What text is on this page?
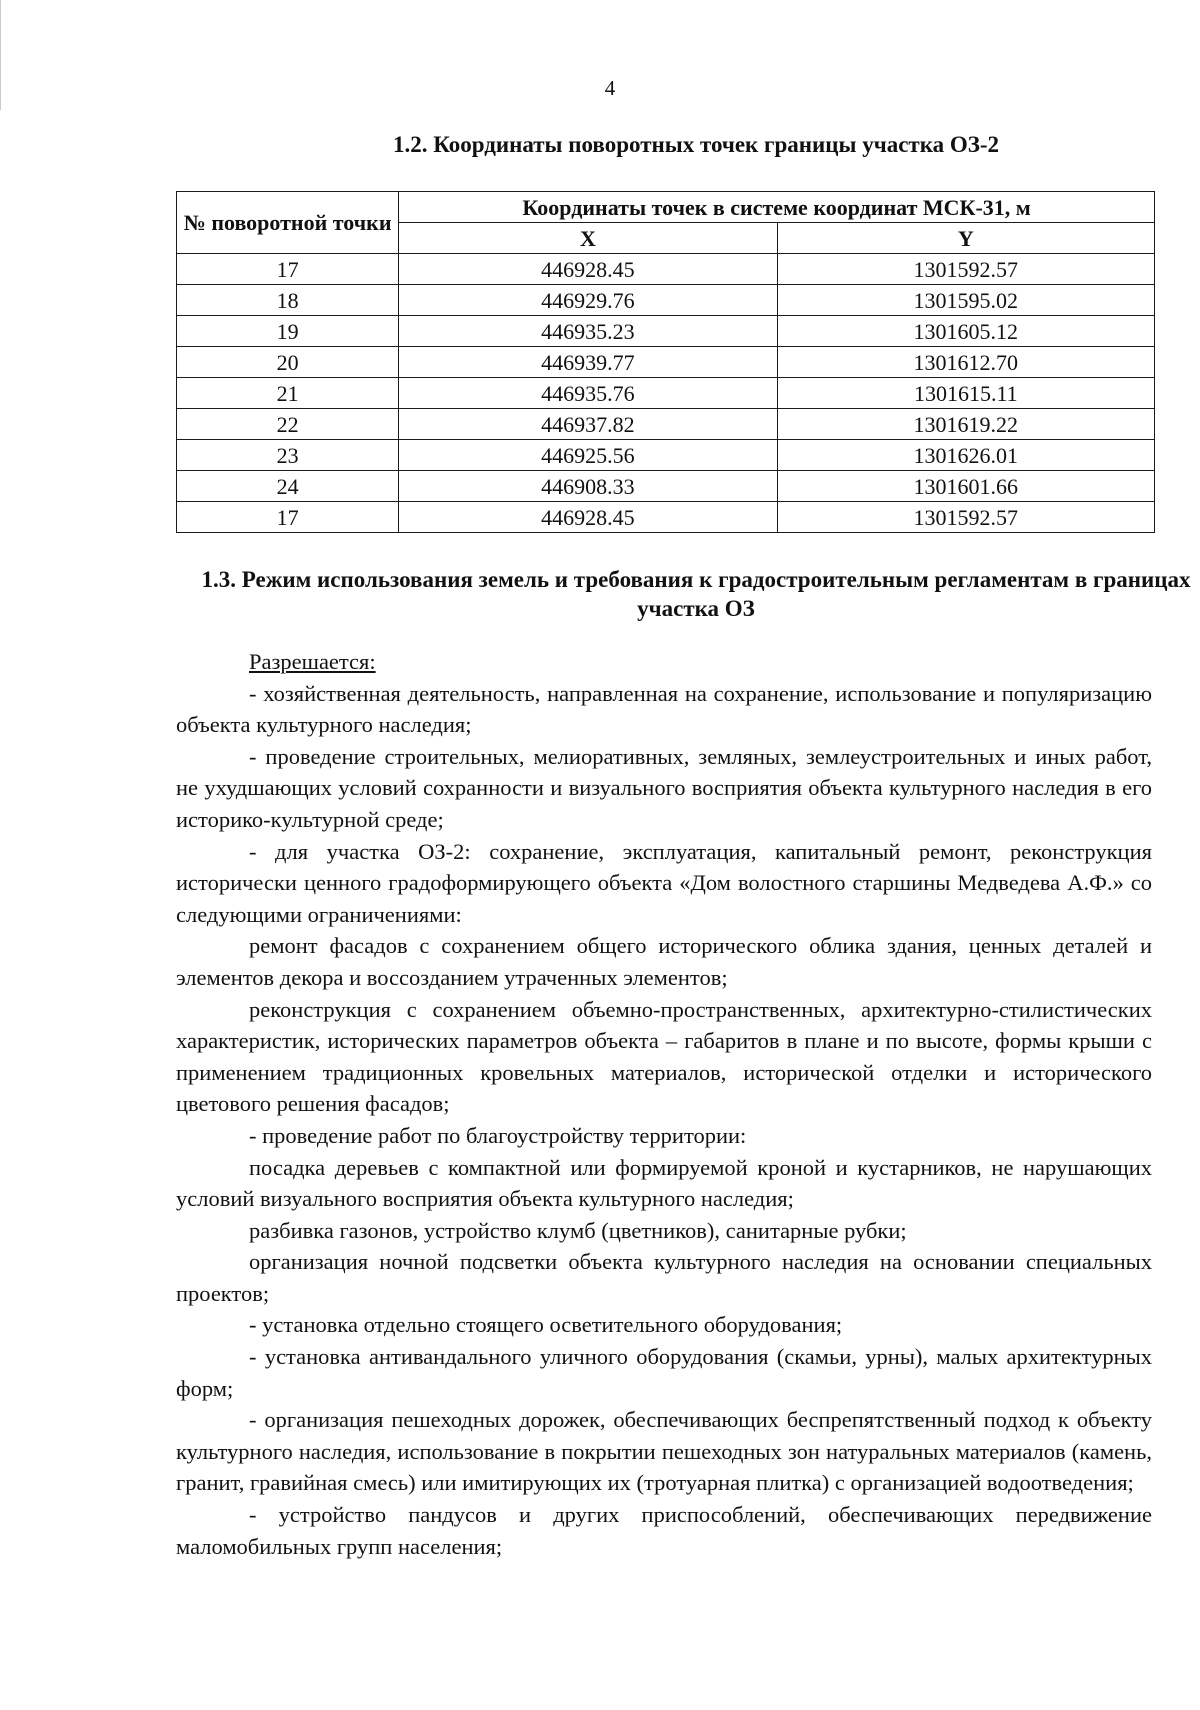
4
1.2. Координаты поворотных точек границы участка ОЗ-2
№ поворотной точки	Координаты точек в системе координат МСК-31, м	
	X	Y
17	446928.45	1301592.57
18	446929.76	1301595.02
19	446935.23	1301605.12
20	446939.77	1301612.70
21	446935.76	1301615.11
22	446937.82	1301619.22
23	446925.56	1301626.01
24	446908.33	1301601.66
17	446928.45	1301592.57
1.3. Режим использования земель и требования к градостроительным регламентам в границах участка ОЗ

Разрешается:

- хозяйственная деятельность, направленная на сохранение, использование и популяризацию объекта культурного наследия;

- проведение строительных, мелиоративных, земляных, землеустроительных и иных работ, не ухудшающих условий сохранности и визуального восприятия объекта культурного наследия в его историко-культурной среде;

- для участка ОЗ-2: сохранение, эксплуатация, капитальный ремонт, реконструкция исторически ценного градоформирующего объекта «Дом волостного старшины Медведева А.Ф.» со следующими ограничениями:

ремонт фасадов с сохранением общего исторического облика здания, ценных деталей и элементов декора и воссозданием утраченных элементов;

реконструкция с сохранением объемно-пространственных, архитектурно-стилистических характеристик, исторических параметров объекта – габаритов в плане и по высоте, формы крыши с применением традиционных кровельных материалов, исторической отделки и исторического цветового решения фасадов;

- проведение работ по благоустройству территории:

посадка деревьев с компактной или формируемой кроной и кустарников, не нарушающих условий визуального восприятия объекта культурного наследия;

разбивка газонов, устройство клумб (цветников), санитарные рубки;

организация ночной подсветки объекта культурного наследия на основании специальных проектов;

- установка отдельно стоящего осветительного оборудования;

- установка антивандального уличного оборудования (скамьи, урны), малых архитектурных форм;

- организация пешеходных дорожек, обеспечивающих беспрепятственный подход к объекту культурного наследия, использование в покрытии пешеходных зон натуральных материалов (камень, гранит, гравийная смесь) или имитирующих их (тротуарная плитка) с организацией водоотведения;

- устройство пандусов и других приспособлений, обеспечивающих передвижение маломобильных групп населения;
